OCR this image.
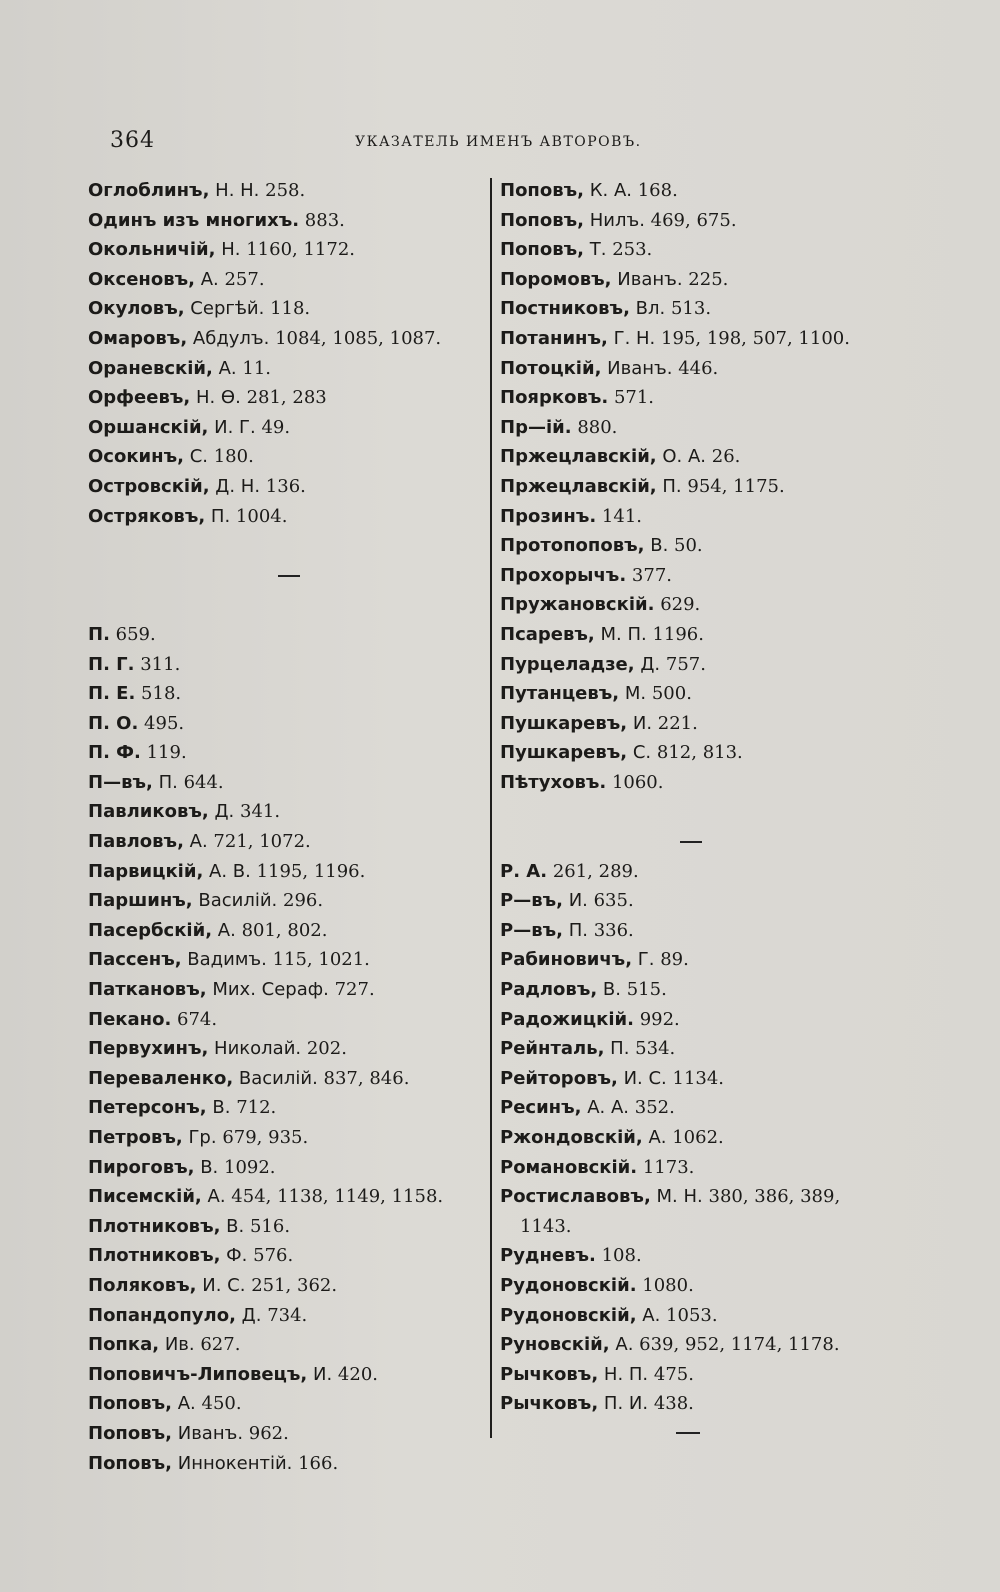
364	УКАЗАТЕЛЬ ИМЕНЪ АВТОРОВЪ.
Оглоблинъ, Н. Н. 258.
Одинъ изъ многихъ. 883.
Окольничій, Н. 1160, 1172.
Оксеновъ, А. 257.
Окуловъ, Сергѣй. 118.
Омаровъ, Абдулъ. 1084, 1085, 1087.
Ораневскій, А. 11.
Орфеевъ, Н. Ѳ. 281, 283
Оршанскій, И. Г. 49.
Осокинъ, С. 180.
Островскій, Д. Н. 136.
Остряковъ, П. 1004.
П. 659.
П. Г. 311.
П. Е. 518.
П. О. 495.
П. Ф. 119.
П—въ, П. 644.
Павликовъ, Д. 341.
Павловъ, А. 721, 1072.
Парвицкій, А. В. 1195, 1196.
Паршинъ, Василій. 296.
Пасербскій, А. 801, 802.
Пассенъ, Вадимъ. 115, 1021.
Паткановъ, Мих. Сераф. 727.
Пекано. 674.
Первухинъ, Николай. 202.
Переваленко, Василій. 837, 846.
Петерсонъ, В. 712.
Петровъ, Гр. 679, 935.
Пироговъ, В. 1092.
Писемскій, А. 454, 1138, 1149, 1158.
Плотниковъ, В. 516.
Плотниковъ, Ф. 576.
Поляковъ, И. С. 251, 362.
Попандопуло, Д. 734.
Попка, Ив. 627.
Поповичъ-Липовецъ, И. 420.
Поповъ, А. 450.
Поповъ, Иванъ. 962.
Поповъ, Иннокентій. 166.
Поповъ, К. А. 168.
Поповъ, Нилъ. 469, 675.
Поповъ, Т. 253.
Поромовъ, Иванъ. 225.
Постниковъ, Вл. 513.
Потанинъ, Г. Н. 195, 198, 507, 1100.
Потоцкій, Иванъ. 446.
Поярковъ. 571.
Пр—ій. 880.
Пржецлавскій, О. А. 26.
Пржецлавскій, П. 954, 1175.
Прозинъ. 141.
Протопоповъ, В. 50.
Прохорычъ. 377.
Пружановскій. 629.
Псаревъ, М. П. 1196.
Пурцеладзе, Д. 757.
Путанцевъ, М. 500.
Пушкаревъ, И. 221.
Пушкаревъ, С. 812, 813.
Пѣтуховъ. 1060.
Р. А. 261, 289.
Р—въ, И. 635.
Р—въ, П. 336.
Рабиновичъ, Г. 89.
Радловъ, В. 515.
Радожицкій. 992.
Рейнталь, П. 534.
Рейторовъ, И. С. 1134.
Ресинъ, А. А. 352.
Ржондовскій, А. 1062.
Романовскій. 1173.
Ростиславовъ, М. Н. 380, 386, 389,
1143.
Рудневъ. 108.
Рудоновскій. 1080.
Рудоновскій, А. 1053.
Руновскій, А. 639, 952, 1174, 1178.
Рычковъ, Н. П. 475.
Рычковъ, П. И. 438.
